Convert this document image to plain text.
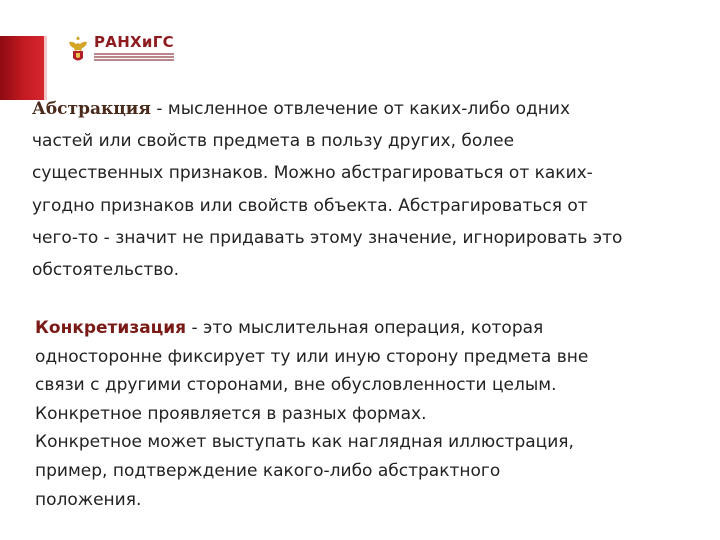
РАНХиГС

Абстракция - мысленное отвлечение от каких-либо одних
частей или свойств предмета в пользу других, более
существенных признаков. Можно абстрагироваться от каких-
угодно признаков или свойств объекта. Абстрагироваться от
чего-то - значит не придавать этому значение, игнорировать это
обстоятельство.

Конкретизация - это мыслительная операция, которая
односторонне фиксирует ту или иную сторону предмета вне
связи с другими сторонами, вне обусловленности целым.
Конкретное проявляется в разных формах.
Конкретное может выступать как наглядная иллюстрация,
пример, подтверждение какого-либо абстрактного
положения.
